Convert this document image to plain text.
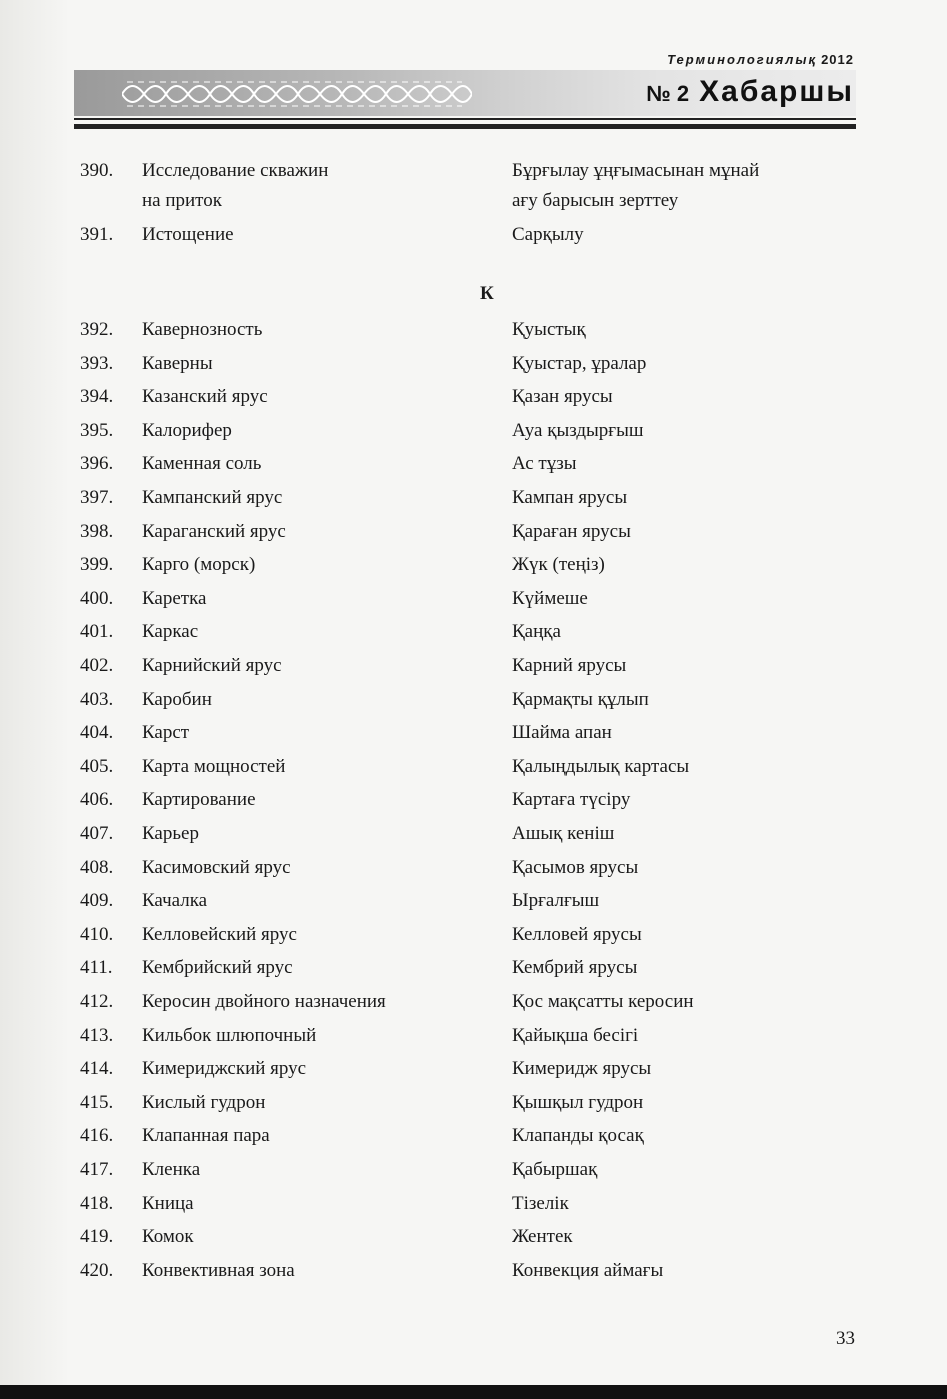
Терминологиялық 2012
№ 2 Хабаршы
390.	Исследование скважин	Бұрғылау ұңғымасынан мұнай
на приток	ағу барысын зерттеу
391.	Истощение	Сарқылу
К
392.	Кавернозность	Қуыстық
393.	Каверны	Қуыстар, ұралар
394.	Казанский ярус	Қазан ярусы
395.	Калорифер	Ауа қыздырғыш
396.	Каменная соль	Ас тұзы
397.	Кампанский ярус	Кампан ярусы
398.	Караганский ярус	Қараған ярусы
399.	Карго (морск)	Жүк (теңіз)
400.	Каретка	Күймеше
401.	Каркас	Қаңқа
402.	Карнийский ярус	Карний ярусы
403.	Каробин	Қармақты құлып
404.	Карст	Шайма апан
405.	Карта мощностей	Қалыңдылық картасы
406.	Картирование	Картаға түсіру
407.	Карьер	Ашық кеніш
408.	Касимовский ярус	Қасымов ярусы
409.	Качалка	Ырғалғыш
410.	Келловейский ярус	Келловей ярусы
411.	Кембрийский ярус	Кембрий ярусы
412.	Керосин двойного назначения	Қос мақсатты керосин
413.	Кильбок шлюпочный	Қайықша бесігі
414.	Кимериджский ярус	Кимеридж ярусы
415.	Кислый гудрон	Қышқыл гудрон
416.	Клапанная пара	Клапанды қосақ
417.	Кленка	Қабыршақ
418.	Кница	Тізелік
419.	Комок	Жентек
420.	Конвективная зона	Конвекция аймағы
33
